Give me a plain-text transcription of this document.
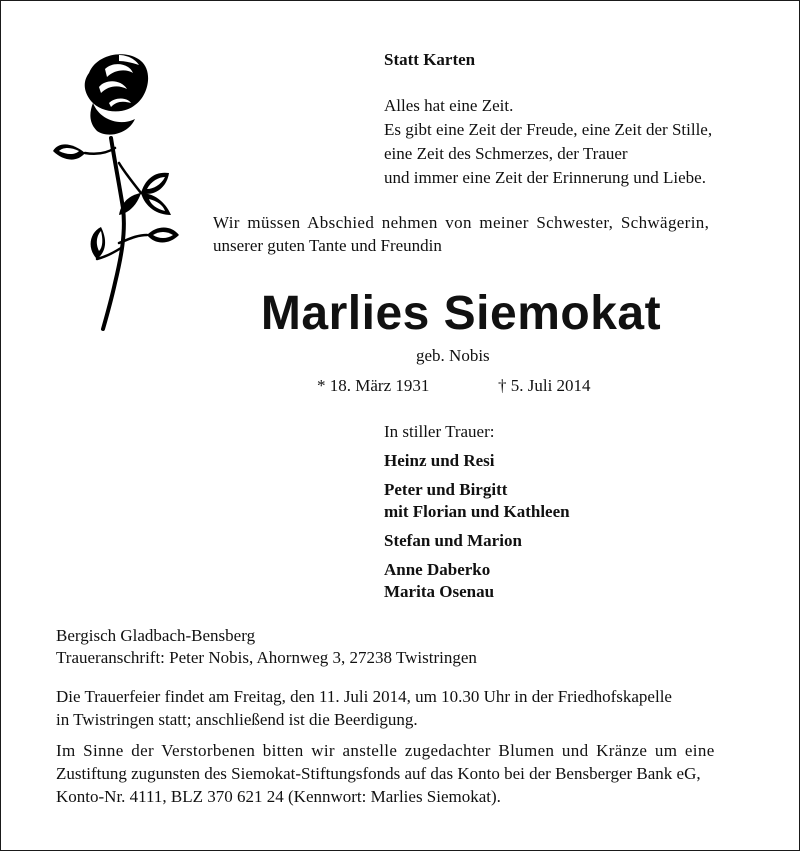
Statt Karten
Alles hat eine Zeit.
Es gibt eine Zeit der Freude, eine Zeit der Stille,
eine Zeit des Schmerzes, der Trauer
und immer eine Zeit der Erinnerung und Liebe.
Wir müssen Abschied nehmen von meiner Schwester, Schwägerin,
unserer guten Tante und Freundin
Marlies Siemokat
geb. Nobis
* 18. März 1931	† 5. Juli 2014
In stiller Trauer:
Heinz und Resi
Peter und Birgitt
mit Florian und Kathleen
Stefan und Marion
Anne Daberko
Marita Osenau
Bergisch Gladbach-Bensberg
Traueranschrift: Peter Nobis, Ahornweg 3, 27238 Twistringen
Die Trauerfeier findet am Freitag, den 11. Juli 2014, um 10.30 Uhr in der Friedhofskapelle
in Twistringen statt; anschließend ist die Beerdigung.
Im Sinne der Verstorbenen bitten wir anstelle zugedachter Blumen und Kränze um eine
Zustiftung zugunsten des Siemokat-Stiftungsfonds auf das Konto bei der Bensberger Bank eG,
Konto-Nr. 4111, BLZ 370 621 24 (Kennwort: Marlies Siemokat).
